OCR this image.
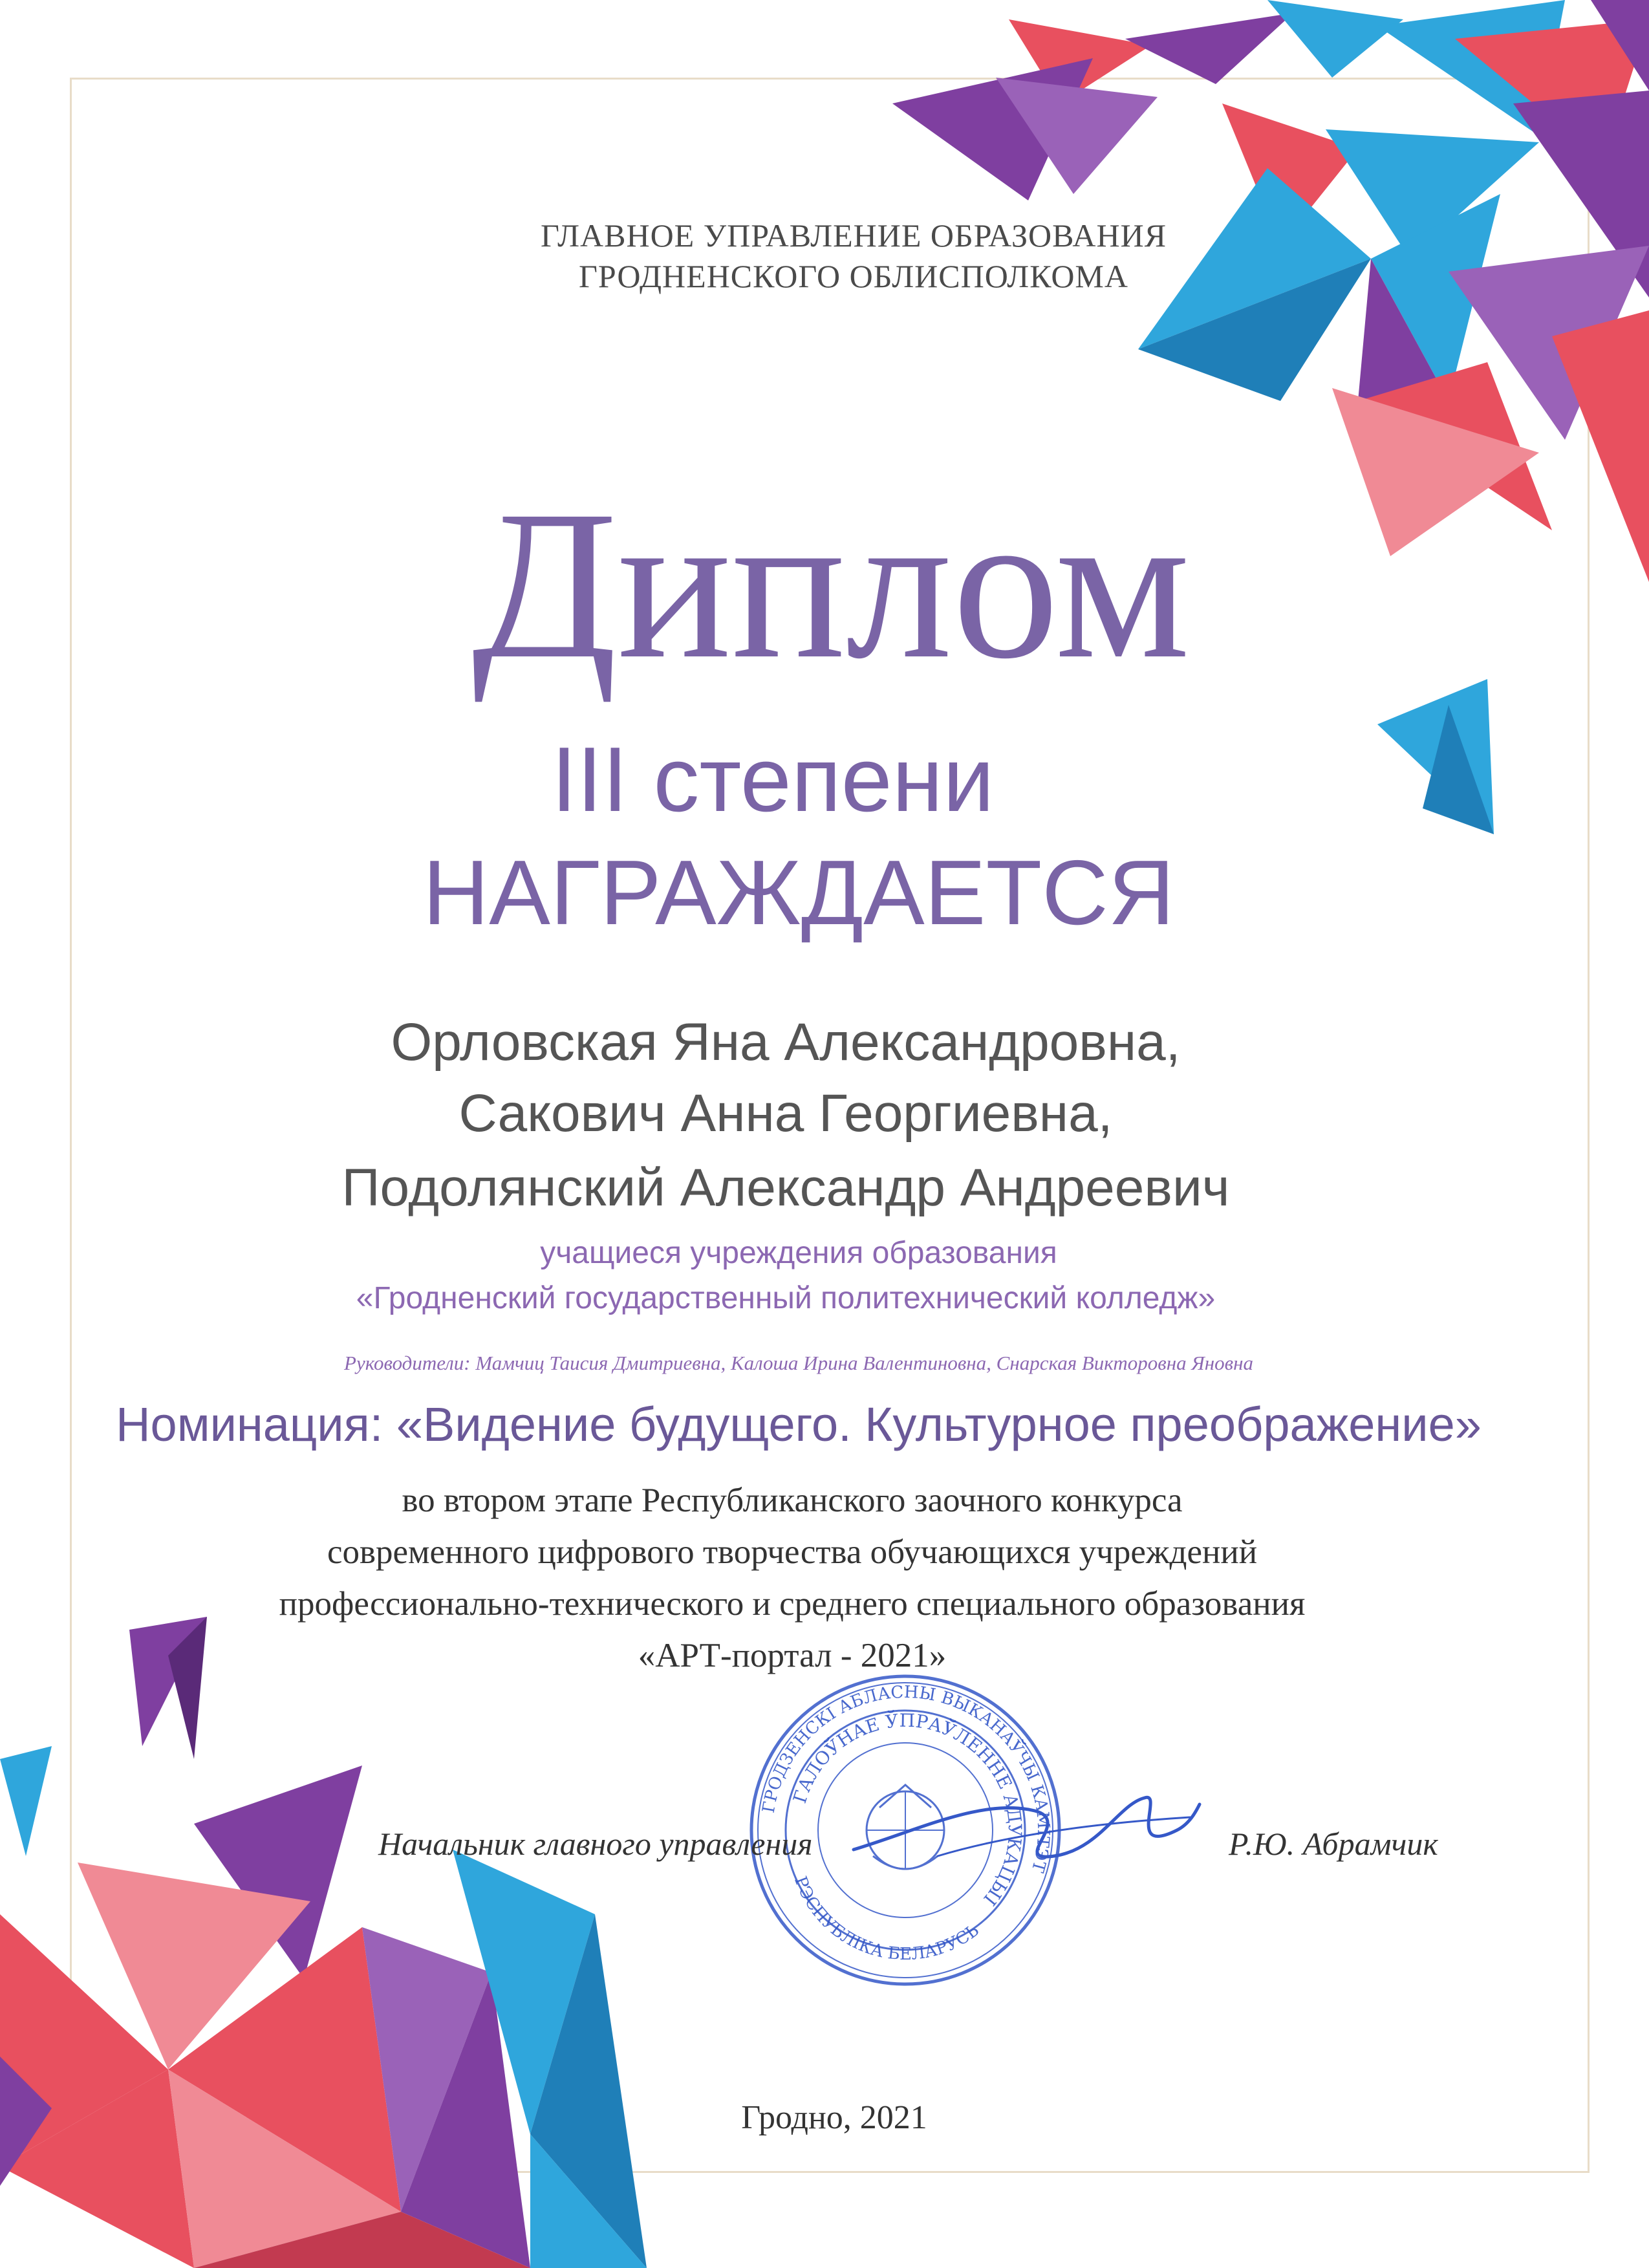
ГЛАВНОЕ УПРАВЛЕНИЕ ОБРАЗОВАНИЯ
ГРОДНЕНСКОГО ОБЛИСПОЛКОМА
Диплом
III степени
НАГРАЖДАЕТСЯ
Орловская Яна Александровна,
Сакович Анна Георгиевна,
Подолянский Александр Андреевич
учащиеся учреждения образования
«Гродненский государственный политехнический колледж»
Руководители: Мамчиц Таисия Дмитриевна, Калоша Ирина Валентиновна, Снарская Викторовна Яновна
Номинация: «Видение будущего. Культурное преображение»
во втором этапе Республиканского заочного конкурса
современного цифрового творчества обучающихся учреждений
профессионально-технического и среднего специального образования
«АРТ-портал - 2021»
ГРОДЗЕНСКI АБЛАСНЫ ВЫКАНАЎЧЫ КАМIТЭТ
ГАЛОЎНАЕ ЎПРАЎЛЕННЕ АДУКАЦЫI
РЭСПУБЛIКА БЕЛАРУСЬ
Начальник главного управления	Р.Ю. Абрамчик
Гродно, 2021
